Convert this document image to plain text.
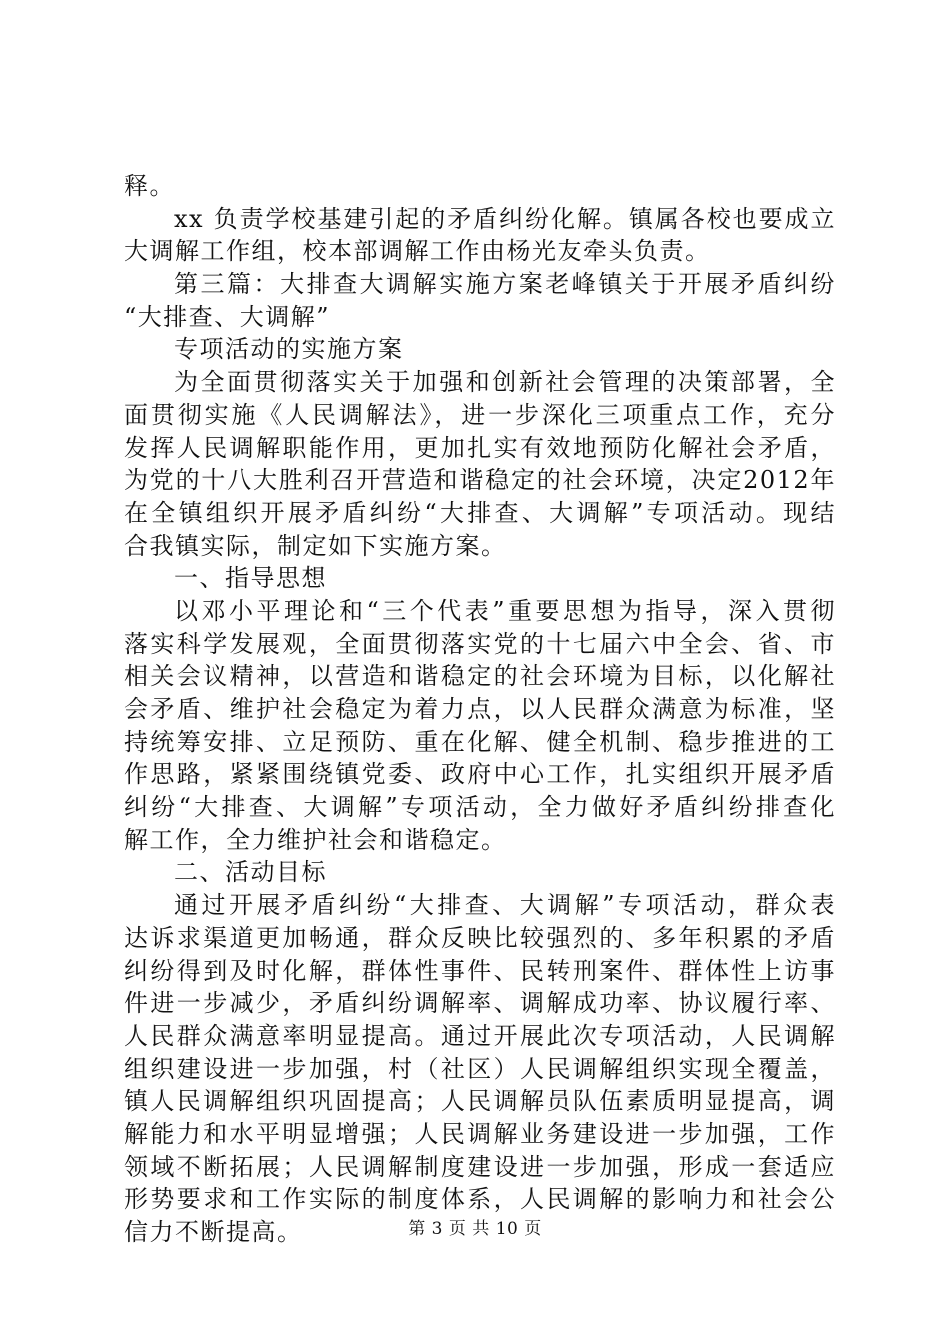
释。
xx 负责学校基建引起的矛盾纠纷化解。镇属各校也要成立
大调解工作组，校本部调解工作由杨光友牵头负责。
第三篇：大排查大调解实施方案老峰镇关于开展矛盾纠纷
“大排查、大调解”
专项活动的实施方案
为全面贯彻落实关于加强和创新社会管理的决策部署，全
面贯彻实施《人民调解法》，进一步深化三项重点工作，充分
发挥人民调解职能作用，更加扎实有效地预防化解社会矛盾，
为党的十八大胜利召开营造和谐稳定的社会环境，决定2012年
在全镇组织开展矛盾纠纷“大排查、大调解”专项活动。现结
合我镇实际，制定如下实施方案。
一、指导思想
以邓小平理论和“三个代表”重要思想为指导，深入贯彻
落实科学发展观，全面贯彻落实党的十七届六中全会、省、市
相关会议精神，以营造和谐稳定的社会环境为目标，以化解社
会矛盾、维护社会稳定为着力点，以人民群众满意为标准，坚
持统筹安排、立足预防、重在化解、健全机制、稳步推进的工
作思路，紧紧围绕镇党委、政府中心工作，扎实组织开展矛盾
纠纷“大排查、大调解”专项活动，全力做好矛盾纠纷排查化
解工作，全力维护社会和谐稳定。
二、活动目标
通过开展矛盾纠纷“大排查、大调解”专项活动，群众表
达诉求渠道更加畅通，群众反映比较强烈的、多年积累的矛盾
纠纷得到及时化解，群体性事件、民转刑案件、群体性上访事
件进一步减少，矛盾纠纷调解率、调解成功率、协议履行率、
人民群众满意率明显提高。通过开展此次专项活动，人民调解
组织建设进一步加强，村（社区）人民调解组织实现全覆盖，
镇人民调解组织巩固提高；人民调解员队伍素质明显提高，调
解能力和水平明显增强；人民调解业务建设进一步加强，工作
领域不断拓展；人民调解制度建设进一步加强，形成一套适应
形势要求和工作实际的制度体系，人民调解的影响力和社会公
信力不断提高。	第 3 页 共 10 页
